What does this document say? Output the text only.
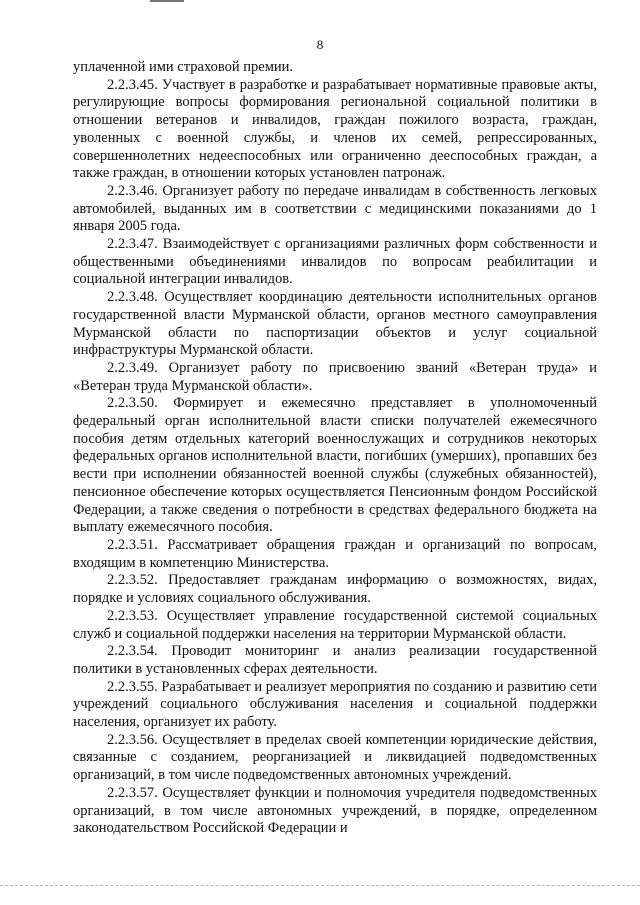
8

уплаченной ими страховой премии.

2.2.3.45. Участвует в разработке и разрабатывает нормативные правовые акты, регулирующие вопросы формирования региональной социальной политики в отношении ветеранов и инвалидов, граждан пожилого возраста, граждан, уволенных с военной службы, и членов их семей, репрессированных, совершеннолетних недееспособных или ограниченно дееспособных граждан, а также граждан, в отношении которых установлен патронаж.

2.2.3.46. Организует работу по передаче инвалидам в собственность легковых автомобилей, выданных им в соответствии с медицинскими показаниями до 1 января 2005 года.

2.2.3.47. Взаимодействует с организациями различных форм собственности и общественными объединениями инвалидов по вопросам реабилитации и социальной интеграции инвалидов.

2.2.3.48. Осуществляет координацию деятельности исполнительных органов государственной власти Мурманской области, органов местного самоуправления Мурманской области по паспортизации объектов и услуг социальной инфраструктуры Мурманской области.

2.2.3.49. Организует работу по присвоению званий «Ветеран труда» и «Ветеран труда Мурманской области».

2.2.3.50. Формирует и ежемесячно представляет в уполномоченный федеральный орган исполнительной власти списки получателей ежемесячного пособия детям отдельных категорий военнослужащих и сотрудников некоторых федеральных органов исполнительной власти, погибших (умерших), пропавших без вести при исполнении обязанностей военной службы (служебных обязанностей), пенсионное обеспечение которых осуществляется Пенсионным фондом Российской Федерации, а также сведения о потребности в средствах федерального бюджета на выплату ежемесячного пособия.

2.2.3.51. Рассматривает обращения граждан и организаций по вопросам, входящим в компетенцию Министерства.

2.2.3.52. Предоставляет гражданам информацию о возможностях, видах, порядке и условиях социального обслуживания.

2.2.3.53. Осуществляет управление государственной системой социальных служб и социальной поддержки населения на территории Мурманской области.

2.2.3.54. Проводит мониторинг и анализ реализации государственной политики в установленных сферах деятельности.

2.2.3.55. Разрабатывает и реализует мероприятия по созданию и развитию сети учреждений социального обслуживания населения и социальной поддержки населения, организует их работу.

2.2.3.56. Осуществляет в пределах своей компетенции юридические действия, связанные с созданием, реорганизацией и ликвидацией подведомственных организаций, в том числе подведомственных автономных учреждений.

2.2.3.57. Осуществляет функции и полномочия учредителя подведомственных организаций, в том числе автономных учреждений, в порядке, определенном законодательством Российской Федерации и
